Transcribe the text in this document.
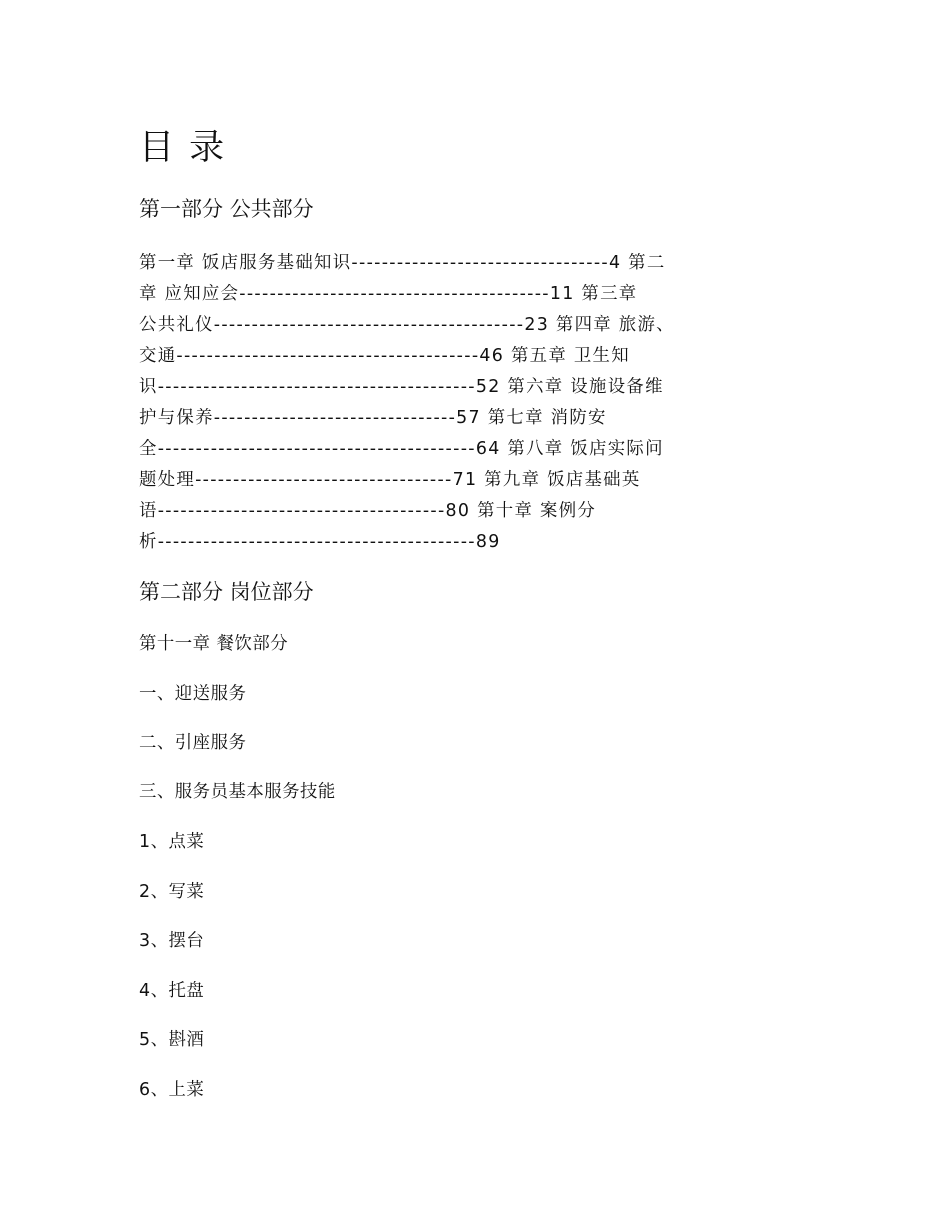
目 录
第一部分 公共部分
第一章 饭店服务基础知识----------------------------------4 第二
章 应知应会-----------------------------------------11 第三章
公共礼仪-----------------------------------------23 第四章 旅游、
交通----------------------------------------46 第五章 卫生知
识------------------------------------------52 第六章 设施设备维
护与保养--------------------------------57 第七章 消防安
全------------------------------------------64 第八章 饭店实际问
题处理----------------------------------71 第九章 饭店基础英
语--------------------------------------80 第十章 案例分
析------------------------------------------89
第二部分 岗位部分

第十一章 餐饮部分

一、迎送服务

二、引座服务

三、服务员基本服务技能

1、点菜

2、写菜

3、摆台

4、托盘

5、斟酒

6、上菜
